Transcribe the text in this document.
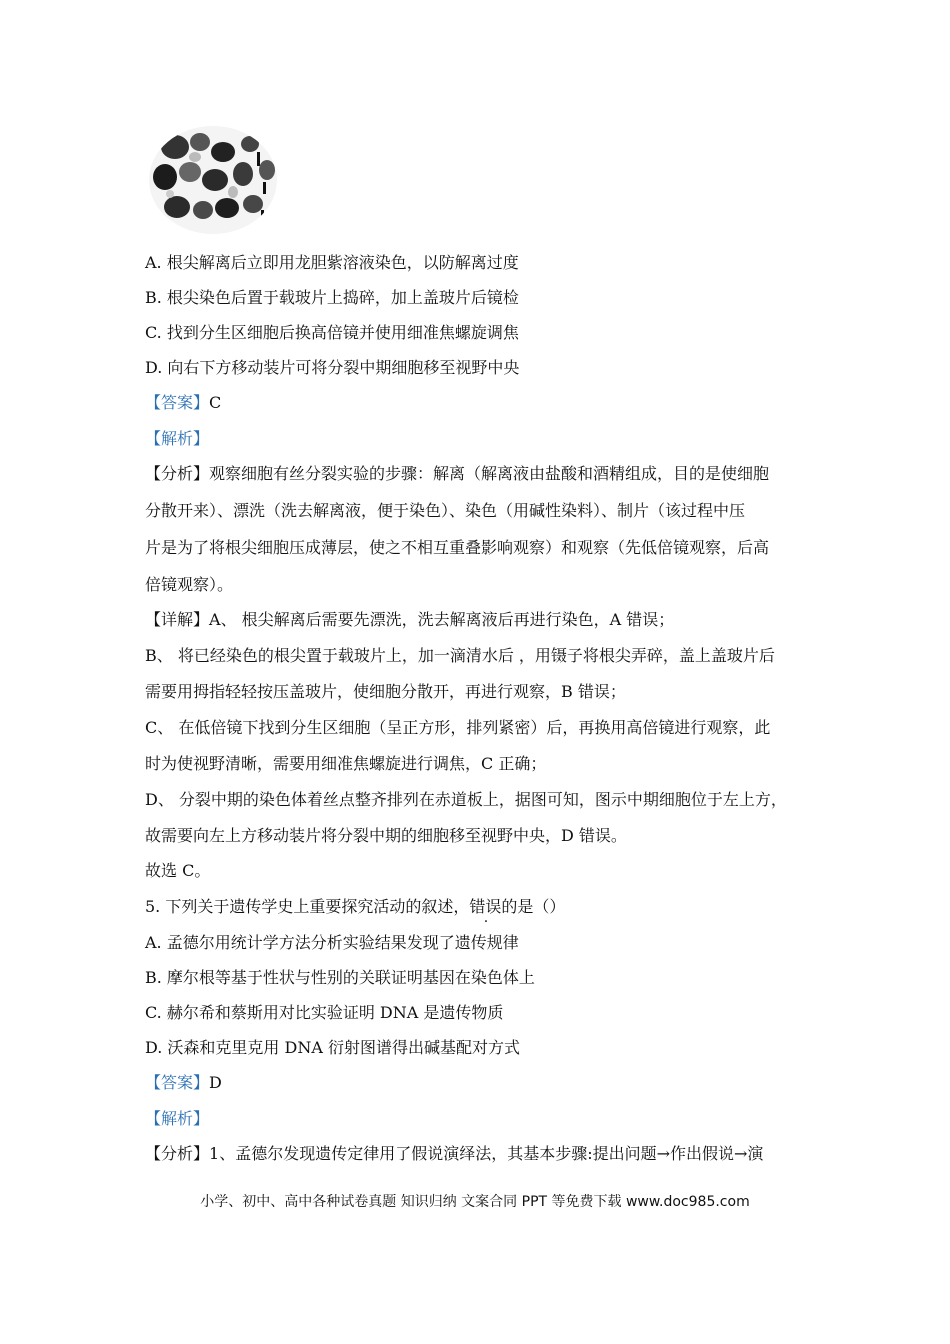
A. 根尖解离后立即用龙胆紫溶液染色，以防解离过度
B. 根尖染色后置于载玻片上捣碎，加上盖玻片后镜检
C. 找到分生区细胞后换高倍镜并使用细准焦螺旋调焦
D. 向右下方移动装片可将分裂中期细胞移至视野中央
【答案】C
【解析】
【分析】观察细胞有丝分裂实验的步骤：解离（解离液由盐酸和酒精组成，目的是使细胞
分散开来）、漂洗（洗去解离液，便于染色）、染色（用碱性染料）、制片（该过程中压
片是为了将根尖细胞压成薄层，使之不相互重叠影响观察）和观察（先低倍镜观察，后高
倍镜观察）。
【详解】A、 根尖解离后需要先漂洗，洗去解离液后再进行染色，A 错误；
B、 将已经染色的根尖置于载玻片上，加一滴清水后 ，用镊子将根尖弄碎，盖上盖玻片后
需要用拇指轻轻按压盖玻片，使细胞分散开，再进行观察，B 错误；
C、 在低倍镜下找到分生区细胞（呈正方形，排列紧密）后，再换用高倍镜进行观察，此
时为使视野清晰，需要用细准焦螺旋进行调焦，C 正确；
D、 分裂中期的染色体着丝点整齐排列在赤道板上，据图可知，图示中期细胞位于左上方，
故需要向左上方移动装片将分裂中期的细胞移至视野中央，D 错误。
故选 C。
5. 下列关于遗传学史上重要探究活动的叙述，错误的是（）
A. 孟德尔用统计学方法分析实验结果发现了遗传规律
B. 摩尔根等基于性状与性别的关联证明基因在染色体上
C. 赫尔希和蔡斯用对比实验证明 DNA 是遗传物质
D. 沃森和克里克用 DNA 衍射图谱得出碱基配对方式
【答案】D
【解析】
【分析】1、孟德尔发现遗传定律用了假说演绎法，其基本步骤:提出问题→作出假说→演
小学、初中、高中各种试卷真题 知识归纳 文案合同 PPT 等免费下载 www.doc985.com
